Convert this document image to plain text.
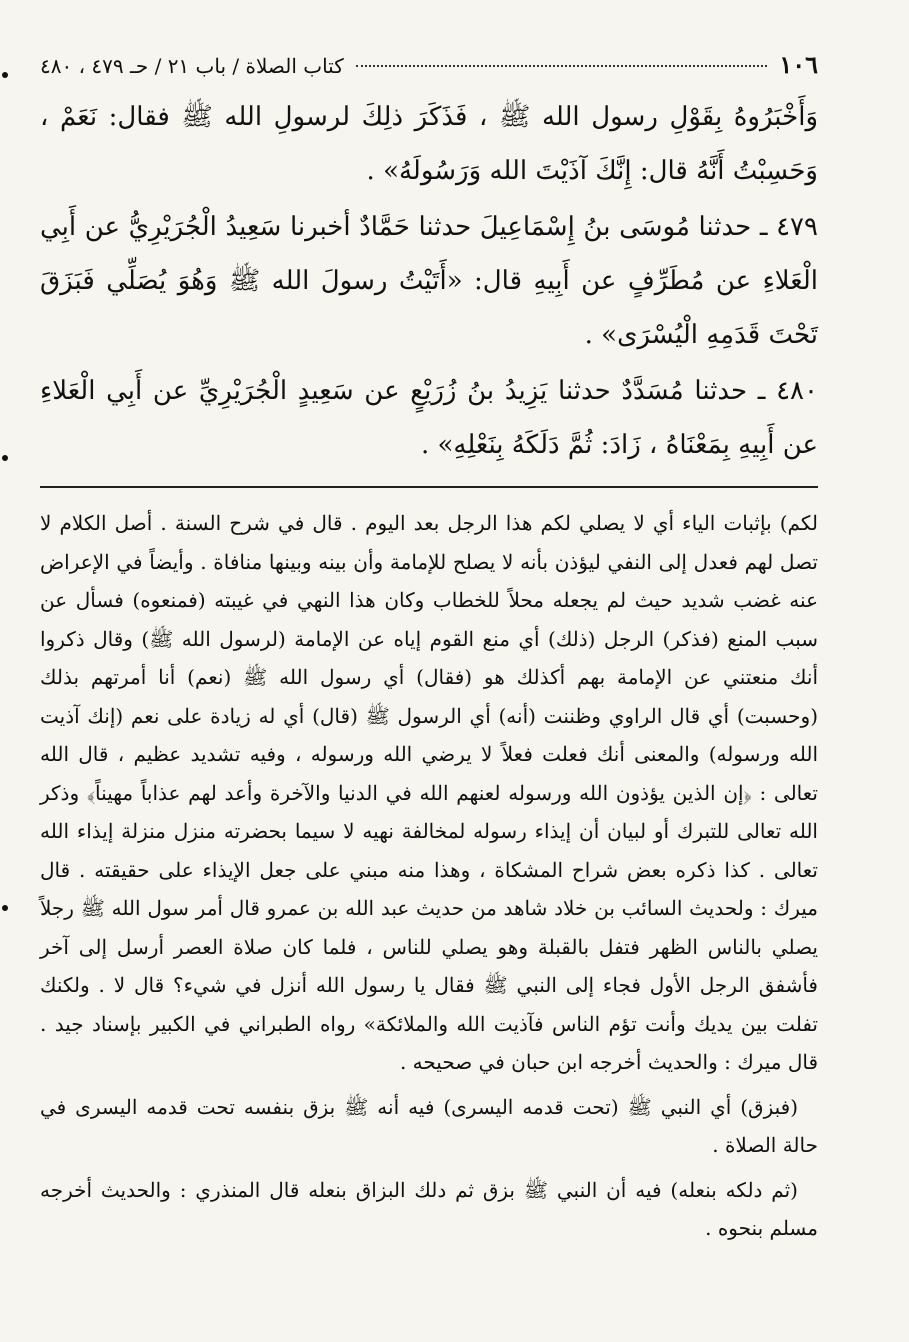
١٠٦
كتاب الصلاة / باب ٢١ / حـ ٤٧٩ ، ٤٨٠

وَأَخْبَرُوهُ بِقَوْلِ رسول الله ﷺ ، فَذَكَرَ ذلِكَ لرسولِ الله ﷺ فقال: نَعَمْ ، وَحَسِبْتُ أَنَّهُ قال: إِنَّكَ آذَيْتَ الله وَرَسُولَهُ» .

٤٧٩ ـ حدثنا مُوسَى بنُ إِسْمَاعِيلَ حدثنا حَمَّادٌ أخبرنا سَعِيدُ الْجُرَيْرِيُّ عن أَبِي الْعَلاءِ عن مُطَرِّفٍ عن أَبِيهِ قال: «أَتَيْتُ رسولَ الله ﷺ وَهُوَ يُصَلِّي فَبَزَقَ تَحْتَ قَدَمِهِ الْيُسْرَى» .

٤٨٠ ـ حدثنا مُسَدَّدٌ حدثنا يَزِيدُ بنُ زُرَيْعٍ عن سَعِيدٍ الْجُرَيْرِيِّ عن أَبِي الْعَلاءِ عن أَبِيهِ بِمَعْنَاهُ ، زَادَ: ثُمَّ دَلَكَهُ بِنَعْلِهِ» .

لكم) بإثبات الياء أي لا يصلي لكم هذا الرجل بعد اليوم . قال في شرح السنة . أصل الكلام لا تصل لهم فعدل إلى النفي ليؤذن بأنه لا يصلح للإمامة وأن بينه وبينها منافاة . وأيضاً في الإعراض عنه غضب شديد حيث لم يجعله محلاً للخطاب وكان هذا النهي في غيبته (فمنعوه) فسأل عن سبب المنع (فذكر) الرجل (ذلك) أي منع القوم إياه عن الإمامة (لرسول الله ﷺ) وقال ذكروا أنك منعتني عن الإمامة بهم أكذلك هو (فقال) أي رسول الله ﷺ (نعم) أنا أمرتهم بذلك (وحسبت) أي قال الراوي وظننت (أنه) أي الرسول ﷺ (قال) أي له زيادة على نعم (إنك آذيت الله ورسوله) والمعنى أنك فعلت فعلاً لا يرضي الله ورسوله ، وفيه تشديد عظيم ، قال الله تعالى : ﴿إن الذين يؤذون الله ورسوله لعنهم الله في الدنيا والآخرة وأعد لهم عذاباً مهيناً﴾ وذكر الله تعالى للتبرك أو لبيان أن إيذاء رسوله لمخالفة نهيه لا سيما بحضرته منزل منزلة إيذاء الله تعالى . كذا ذكره بعض شراح المشكاة ، وهذا منه مبني على جعل الإيذاء على حقيقته . قال ميرك : ولحديث السائب بن خلاد شاهد من حديث عبد الله بن عمرو قال أمر سول الله ﷺ رجلاً يصلي بالناس الظهر فتفل بالقبلة وهو يصلي للناس ، فلما كان صلاة العصر أرسل إلى آخر فأشفق الرجل الأول فجاء إلى النبي ﷺ فقال يا رسول الله أنزل في شيء؟ قال لا . ولكنك تفلت بين يديك وأنت تؤم الناس فآذيت الله والملائكة» رواه الطبراني في الكبير بإسناد جيد . قال ميرك : والحديث أخرجه ابن حبان في صحيحه .

(فبزق) أي النبي ﷺ (تحت قدمه اليسرى) فيه أنه ﷺ بزق بنفسه تحت قدمه اليسرى في حالة الصلاة .

(ثم دلكه بنعله) فيه أن النبي ﷺ بزق ثم دلك البزاق بنعله قال المنذري : والحديث أخرجه مسلم بنحوه .
